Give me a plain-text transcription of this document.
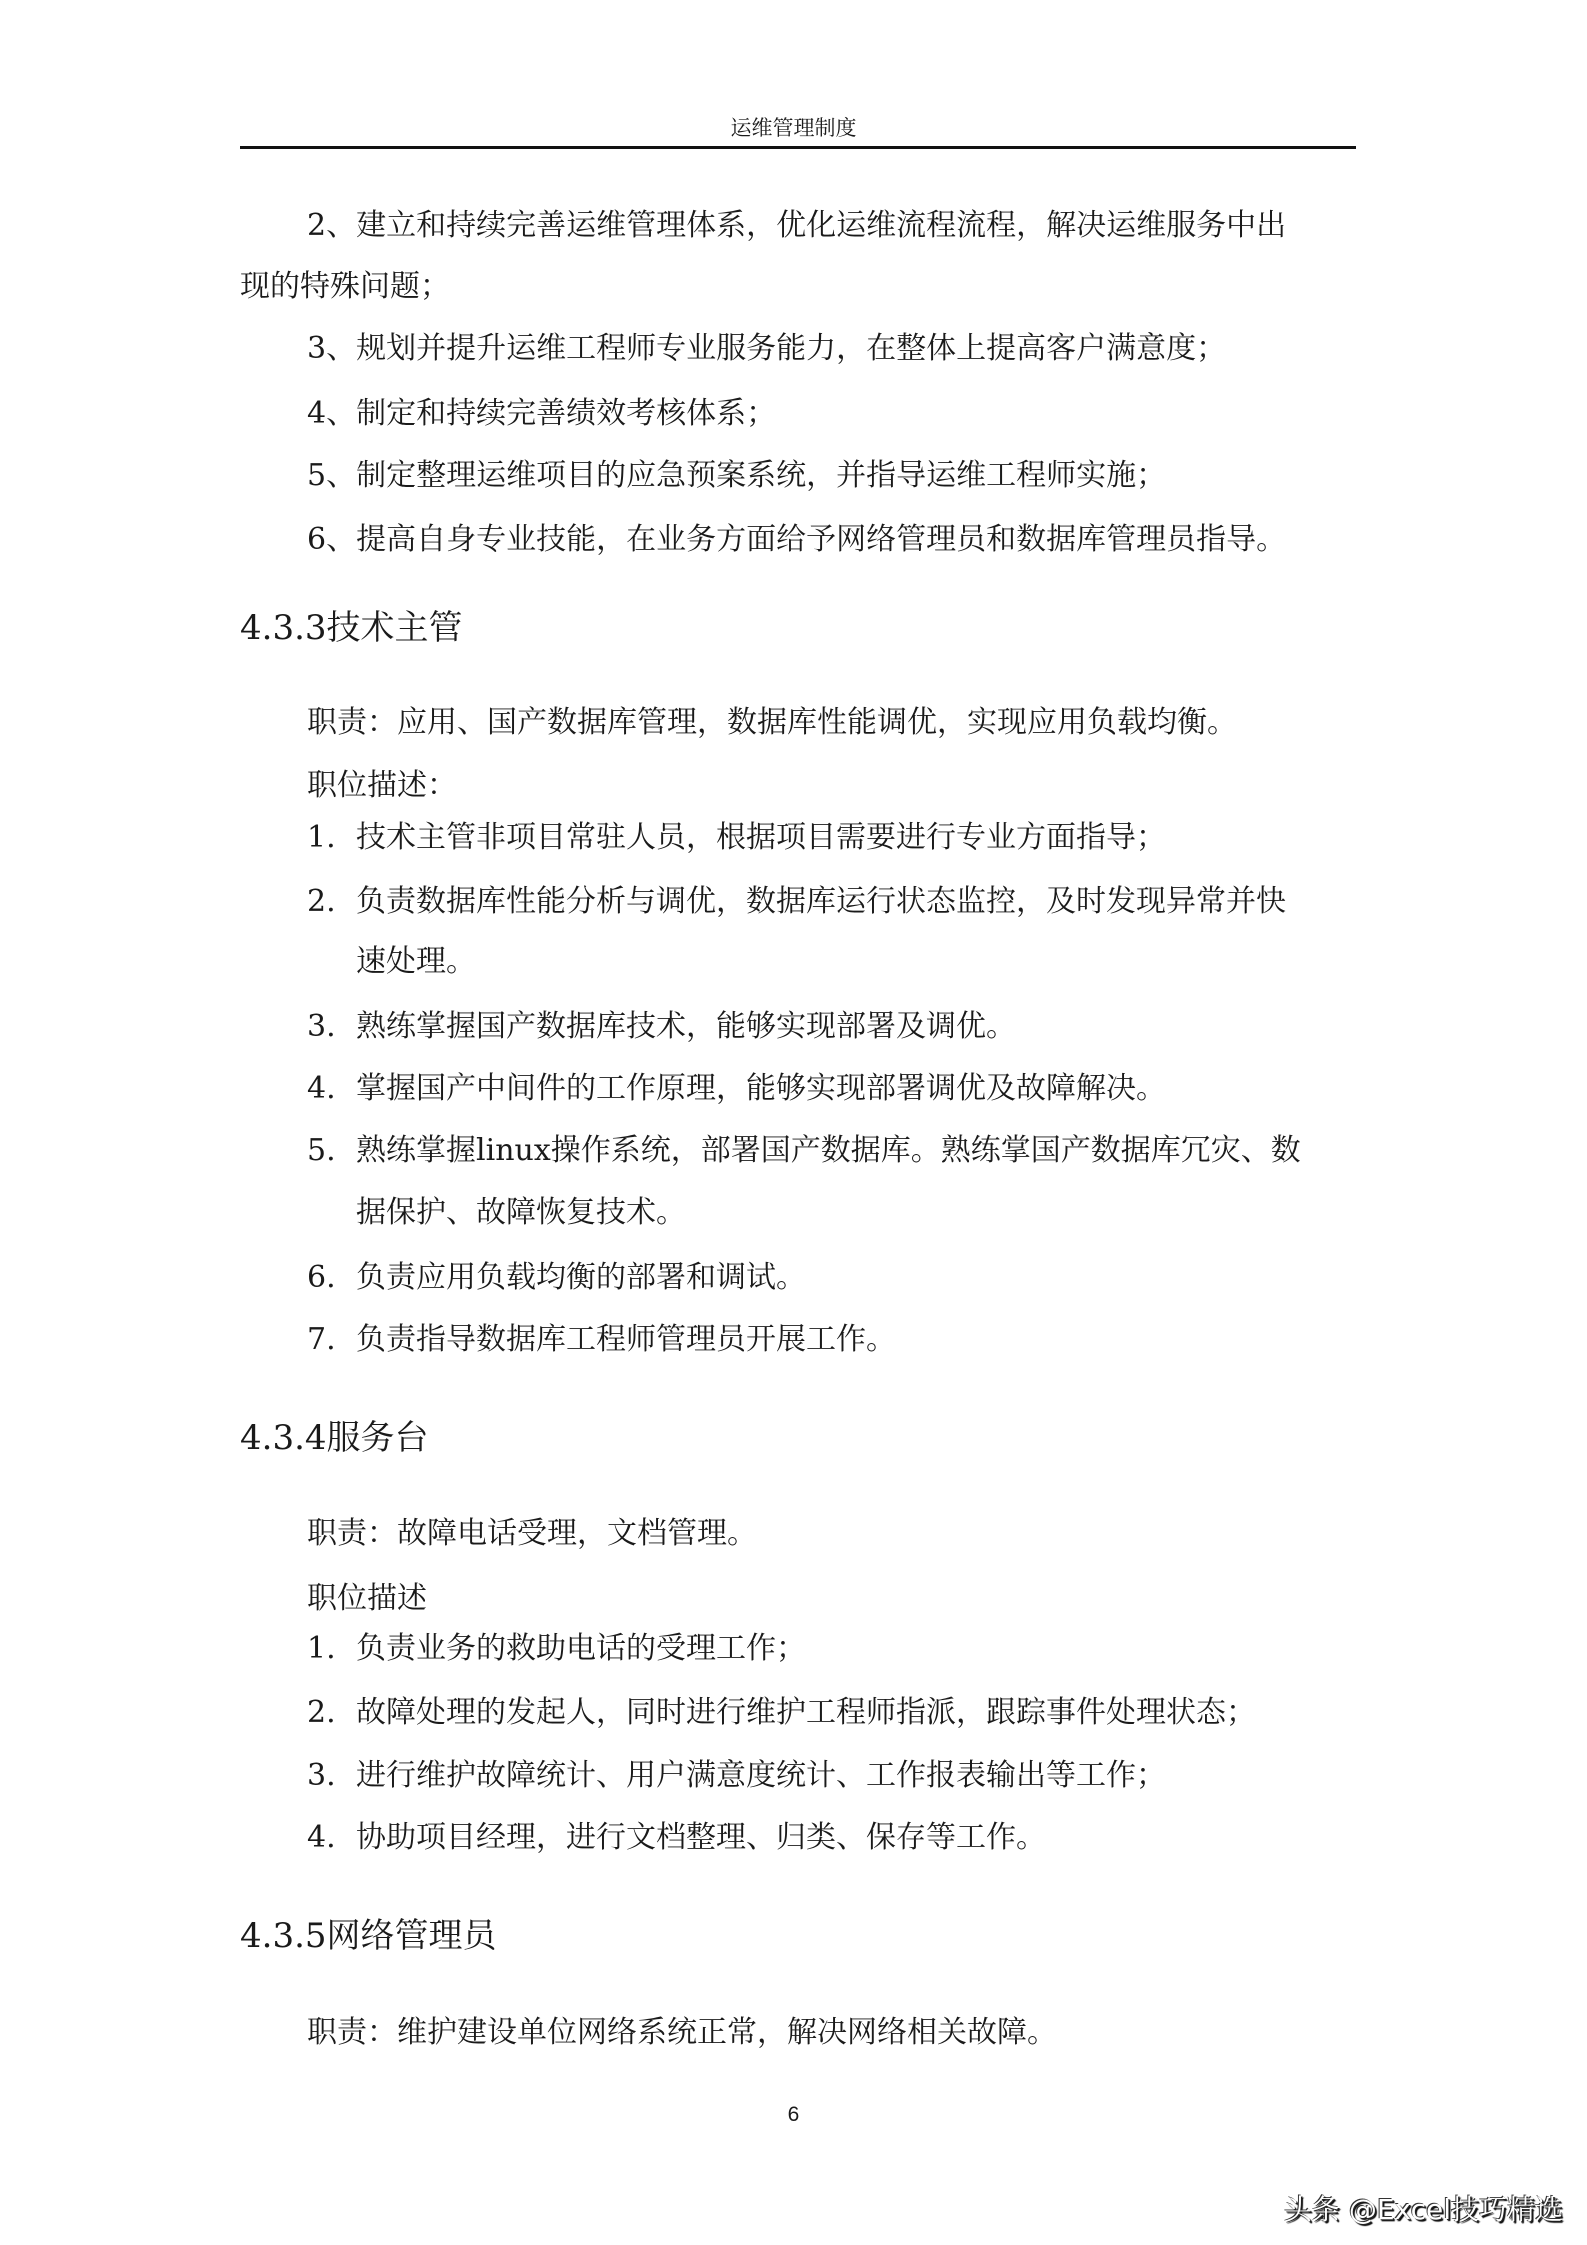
运维管理制度
2、建立和持续完善运维管理体系，优化运维流程流程，解决运维服务中出
现的特殊问题；
3、规划并提升运维工程师专业服务能力，在整体上提高客户满意度；
4、制定和持续完善绩效考核体系；
5、制定整理运维项目的应急预案系统，并指导运维工程师实施；
6、提高自身专业技能，在业务方面给予网络管理员和数据库管理员指导。
4.3.3技术主管
职责：应用、国产数据库管理，数据库性能调优，实现应用负载均衡。
职位描述：
1. 技术主管非项目常驻人员，根据项目需要进行专业方面指导；
2. 负责数据库性能分析与调优，数据库运行状态监控，及时发现异常并快
速处理。
3. 熟练掌握国产数据库技术，能够实现部署及调优。
4. 掌握国产中间件的工作原理，能够实现部署调优及故障解决。
5. 熟练掌握linux操作系统，部署国产数据库。熟练掌国产数据库冗灾、数
据保护、故障恢复技术。
6. 负责应用负载均衡的部署和调试。
7. 负责指导数据库工程师管理员开展工作。
4.3.4服务台
职责：故障电话受理，文档管理。
职位描述
1. 负责业务的救助电话的受理工作；
2. 故障处理的发起人，同时进行维护工程师指派，跟踪事件处理状态；
3. 进行维护故障统计、用户满意度统计、工作报表输出等工作；
4. 协助项目经理，进行文档整理、归类、保存等工作。
4.3.5网络管理员
职责：维护建设单位网络系统正常，解决网络相关故障。
6
头条 @Excel技巧精选
